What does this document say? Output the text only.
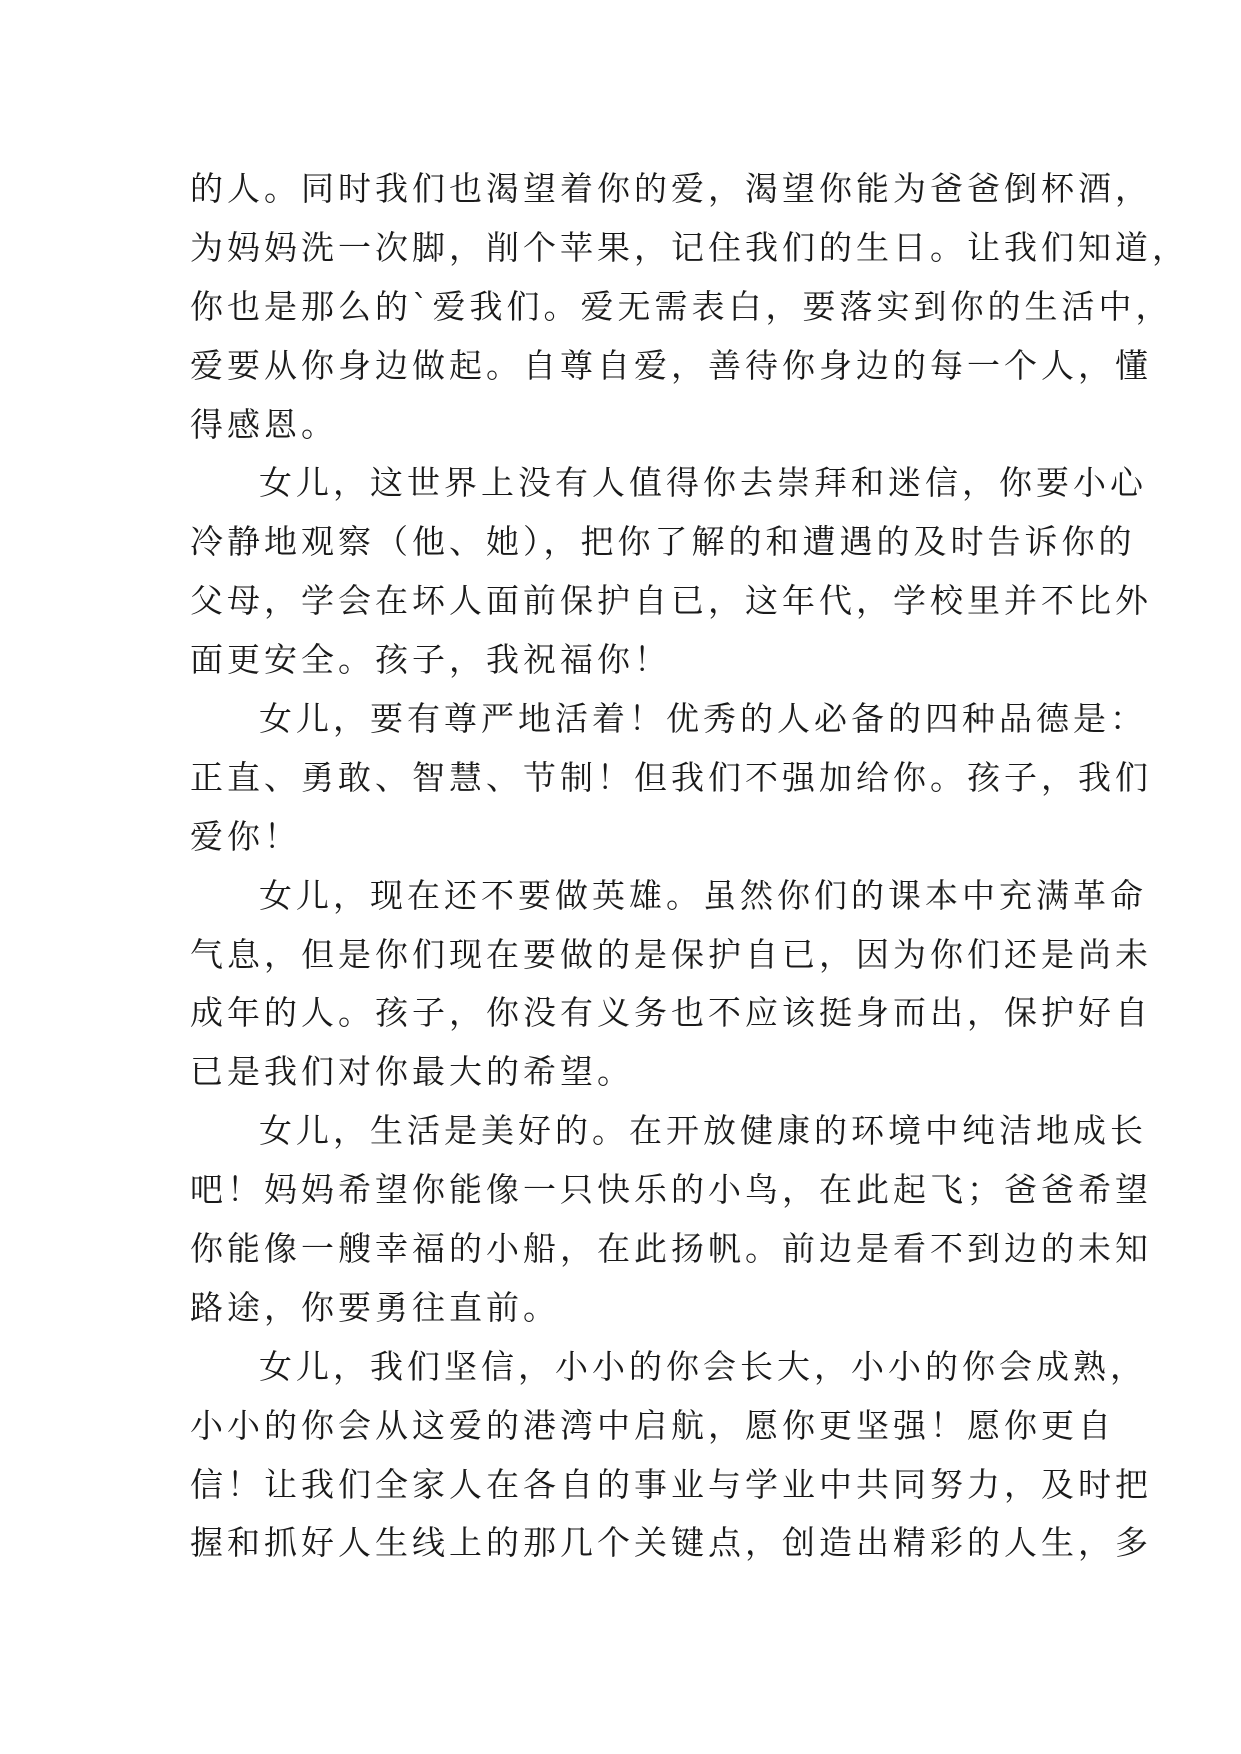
的人。同时我们也渴望着你的爱，渴望你能为爸爸倒杯酒，
为妈妈洗一次脚，削个苹果，记住我们的生日。让我们知道，
你也是那么的`爱我们。爱无需表白，要落实到你的生活中，
爱要从你身边做起。自尊自爱，善待你身边的每一个人，懂
得感恩。
女儿，这世界上没有人值得你去崇拜和迷信，你要小心
冷静地观察（他、她），把你了解的和遭遇的及时告诉你的
父母，学会在坏人面前保护自已，这年代，学校里并不比外
面更安全。孩子，我祝福你！
女儿，要有尊严地活着！优秀的人必备的四种品德是：
正直、勇敢、智慧、节制！但我们不强加给你。孩子，我们
爱你！
女儿，现在还不要做英雄。虽然你们的课本中充满革命
气息，但是你们现在要做的是保护自已，因为你们还是尚未
成年的人。孩子，你没有义务也不应该挺身而出，保护好自
已是我们对你最大的希望。
女儿，生活是美好的。在开放健康的环境中纯洁地成长
吧！妈妈希望你能像一只快乐的小鸟，在此起飞；爸爸希望
你能像一艘幸福的小船，在此扬帆。前边是看不到边的未知
路途，你要勇往直前。
女儿，我们坚信，小小的你会长大，小小的你会成熟，
小小的你会从这爱的港湾中启航，愿你更坚强！愿你更自
信！让我们全家人在各自的事业与学业中共同努力，及时把
握和抓好人生线上的那几个关键点，创造出精彩的人生，多
